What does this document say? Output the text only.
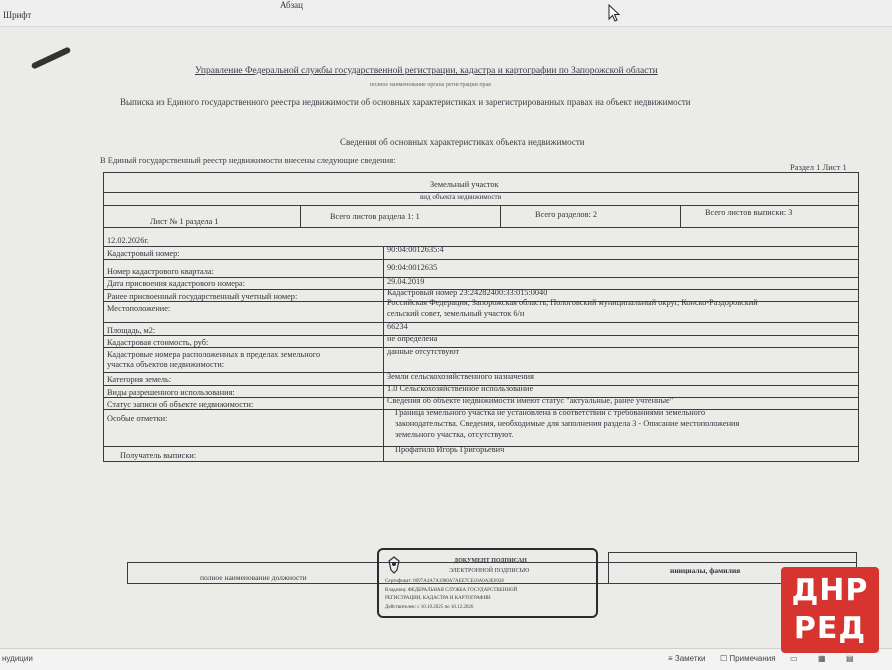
Шрифт
Абзац
Управление Федеральной службы государственной регистрации, кадастра и картографии по Запорожской области
полное наименование органа регистрации прав
Выписка из Единого государственного реестра недвижимости об основных характеристиках и зарегистрированных правах на объект недвижимости
Сведения об основных характеристиках объекта недвижимости
В Единый государственный реестр недвижимости внесены следующие сведения:
Раздел 1 Лист 1
Земельный участок
вид объекта недвижимости
Лист № 1 раздела 1
Всего листов раздела 1: 1	Всего разделов: 2	Всего листов выписки: 3
12.02.2026г.
Кадастровый номер:	90:04:0012635:4
Номер кадастрового квартала:	90:04:0012635
Дата присвоения кадастрового номера:	29.04.2019
Ранее присвоенный государственный учетный номер:	Кадастровый номер 23:24282400:33:015:0040
Местоположение:
Российская Федерация, Запорожская область, Пологовский муниципальный округ, Конско-Раздоровский
сельский совет, земельный участок 6/н
Площадь, м2:	66234
Кадастровая стоимость, руб:	не определена
Кадастровые номера расположенных в пределах земельного
участка объектов недвижимости:
данные отсутствуют
Категория земель:	Земли сельскохозяйственного назначения
Виды разрешенного использования:	1.0 Сельскохозяйственное использование
Статус записи об объекте недвижимости:	Сведения об объекте недвижимости имеют статус "актуальные, ранее учтенные"
Особые отметки:
Граница земельного участка не установлена в соответствии с требованиями земельного
законодательства. Сведения, необходимые для заполнения раздела 3 - Описание местоположения
земельного участка, отсутствуют.
Получатель выписки:
Профатило Игорь Григорьевич
полное наименование должности
инициалы, фамилия
ДОКУМЕНТ ПОДПИСАН
ЭЛЕКТРОННОЙ ПОДПИСЬЮ
Сертификат: 0097A4A7A1980A7AEE7CE10A0A2E6928
Владелец: ФЕДЕРАЛЬНАЯ СЛУЖБА ГОСУДАРСТВЕННОЙ
РЕГИСТРАЦИИ, КАДАСТРА И КАРТОГРАФИИ
Действителен: с 10.10.2025 по 10.12.2026
нудиции	≡ Заметки ☐ Примечания ▭	▦	▤
ДНР
РЕД
